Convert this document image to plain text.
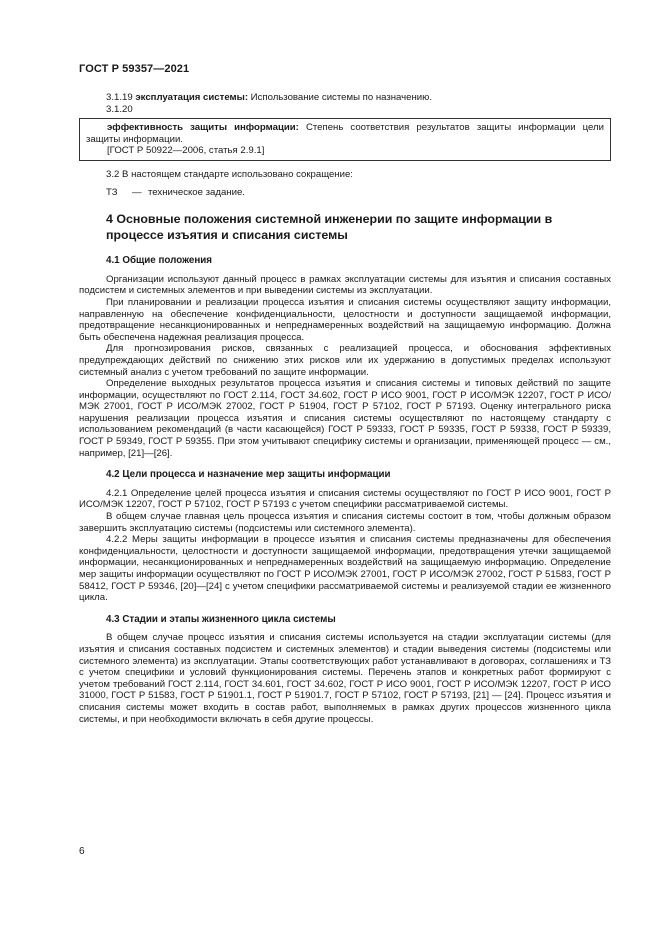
ГОСТ Р 59357—2021

3.1.19 эксплуатация системы: Использование системы по назначению.

3.1.20

эффективность защиты информации: Степень соответствия результатов защиты информации цели защиты информации.

[ГОСТ Р 50922—2006, статья 2.9.1]

3.2 В настоящем стандарте использовано сокращение:

ТЗ — техническое задание.

4 Основные положения системной инженерии по защите информации в процессе изъятия и списания системы
4.1 Общие положения

Организации используют данный процесс в рамках эксплуатации системы для изъятия и списания составных подсистем и системных элементов и при выведении системы из эксплуатации.

При планировании и реализации процесса изъятия и списания системы осуществляют защиту информации, направленную на обеспечение конфиденциальности, целостности и доступности защищаемой информации, предотвращение несанкционированных и непреднамеренных воздействий на защищаемую информацию. Должна быть обеспечена надежная реализация процесса.

Для прогнозирования рисков, связанных с реализацией процесса, и обоснования эффективных предупреждающих действий по снижению этих рисков или их удержанию в допустимых пределах используют системный анализ с учетом требований по защите информации.

Определение выходных результатов процесса изъятия и списания системы и типовых действий по защите информации, осуществляют по ГОСТ 2.114, ГОСТ 34.602, ГОСТ Р ИСО 9001, ГОСТ Р ИСО/МЭК 12207, ГОСТ Р ИСО/МЭК 27001, ГОСТ Р ИСО/МЭК 27002, ГОСТ Р 51904, ГОСТ Р 57102, ГОСТ Р 57193. Оценку интегрального риска нарушения реализации процесса изъятия и списания системы осуществляют по настоящему стандарту с использованием рекомендаций (в части касающейся) ГОСТ Р 59333, ГОСТ Р 59335, ГОСТ Р 59338, ГОСТ Р 59339, ГОСТ Р 59349, ГОСТ Р 59355. При этом учитывают специфику системы и организации, применяющей процесс — см., например, [21]—[26].

4.2 Цели процесса и назначение мер защиты информации

4.2.1 Определение целей процесса изъятия и списания системы осуществляют по ГОСТ Р ИСО 9001, ГОСТ Р ИСО/МЭК 12207, ГОСТ Р 57102, ГОСТ Р 57193 с учетом специфики рассматриваемой системы.

В общем случае главная цель процесса изъятия и списания системы состоит в том, чтобы должным образом завершить эксплуатацию системы (подсистемы или системного элемента).

4.2.2 Меры защиты информации в процессе изъятия и списания системы предназначены для обеспечения конфиденциальности, целостности и доступности защищаемой информации, предотвращения утечки защищаемой информации, несанкционированных и непреднамеренных воздействий на защищаемую информацию. Определение мер защиты информации осуществляют по ГОСТ Р ИСО/МЭК 27001, ГОСТ Р ИСО/МЭК 27002, ГОСТ Р 51583, ГОСТ Р 58412, ГОСТ Р 59346, [20]—[24] с учетом специфики рассматриваемой системы и реализуемой стадии ее жизненного цикла.

4.3 Стадии и этапы жизненного цикла системы

В общем случае процесс изъятия и списания системы используется на стадии эксплуатации системы (для изъятия и списания составных подсистем и системных элементов) и стадии выведения системы (подсистемы или системного элемента) из эксплуатации. Этапы соответствующих работ устанавливают в договорах, соглашениях и ТЗ с учетом специфики и условий функционирования системы. Перечень этапов и конкретных работ формируют с учетом требований ГОСТ 2.114, ГОСТ 34.601, ГОСТ 34.602, ГОСТ Р ИСО 9001, ГОСТ Р ИСО/МЭК 12207, ГОСТ Р ИСО 31000, ГОСТ Р 51583, ГОСТ Р 51901.1, ГОСТ Р 51901.7, ГОСТ Р 57102, ГОСТ Р 57193, [21] — [24]. Процесс изъятия и списания системы может входить в состав работ, выполняемых в рамках других процессов жизненного цикла системы, и при необходимости включать в себя другие процессы.

6
